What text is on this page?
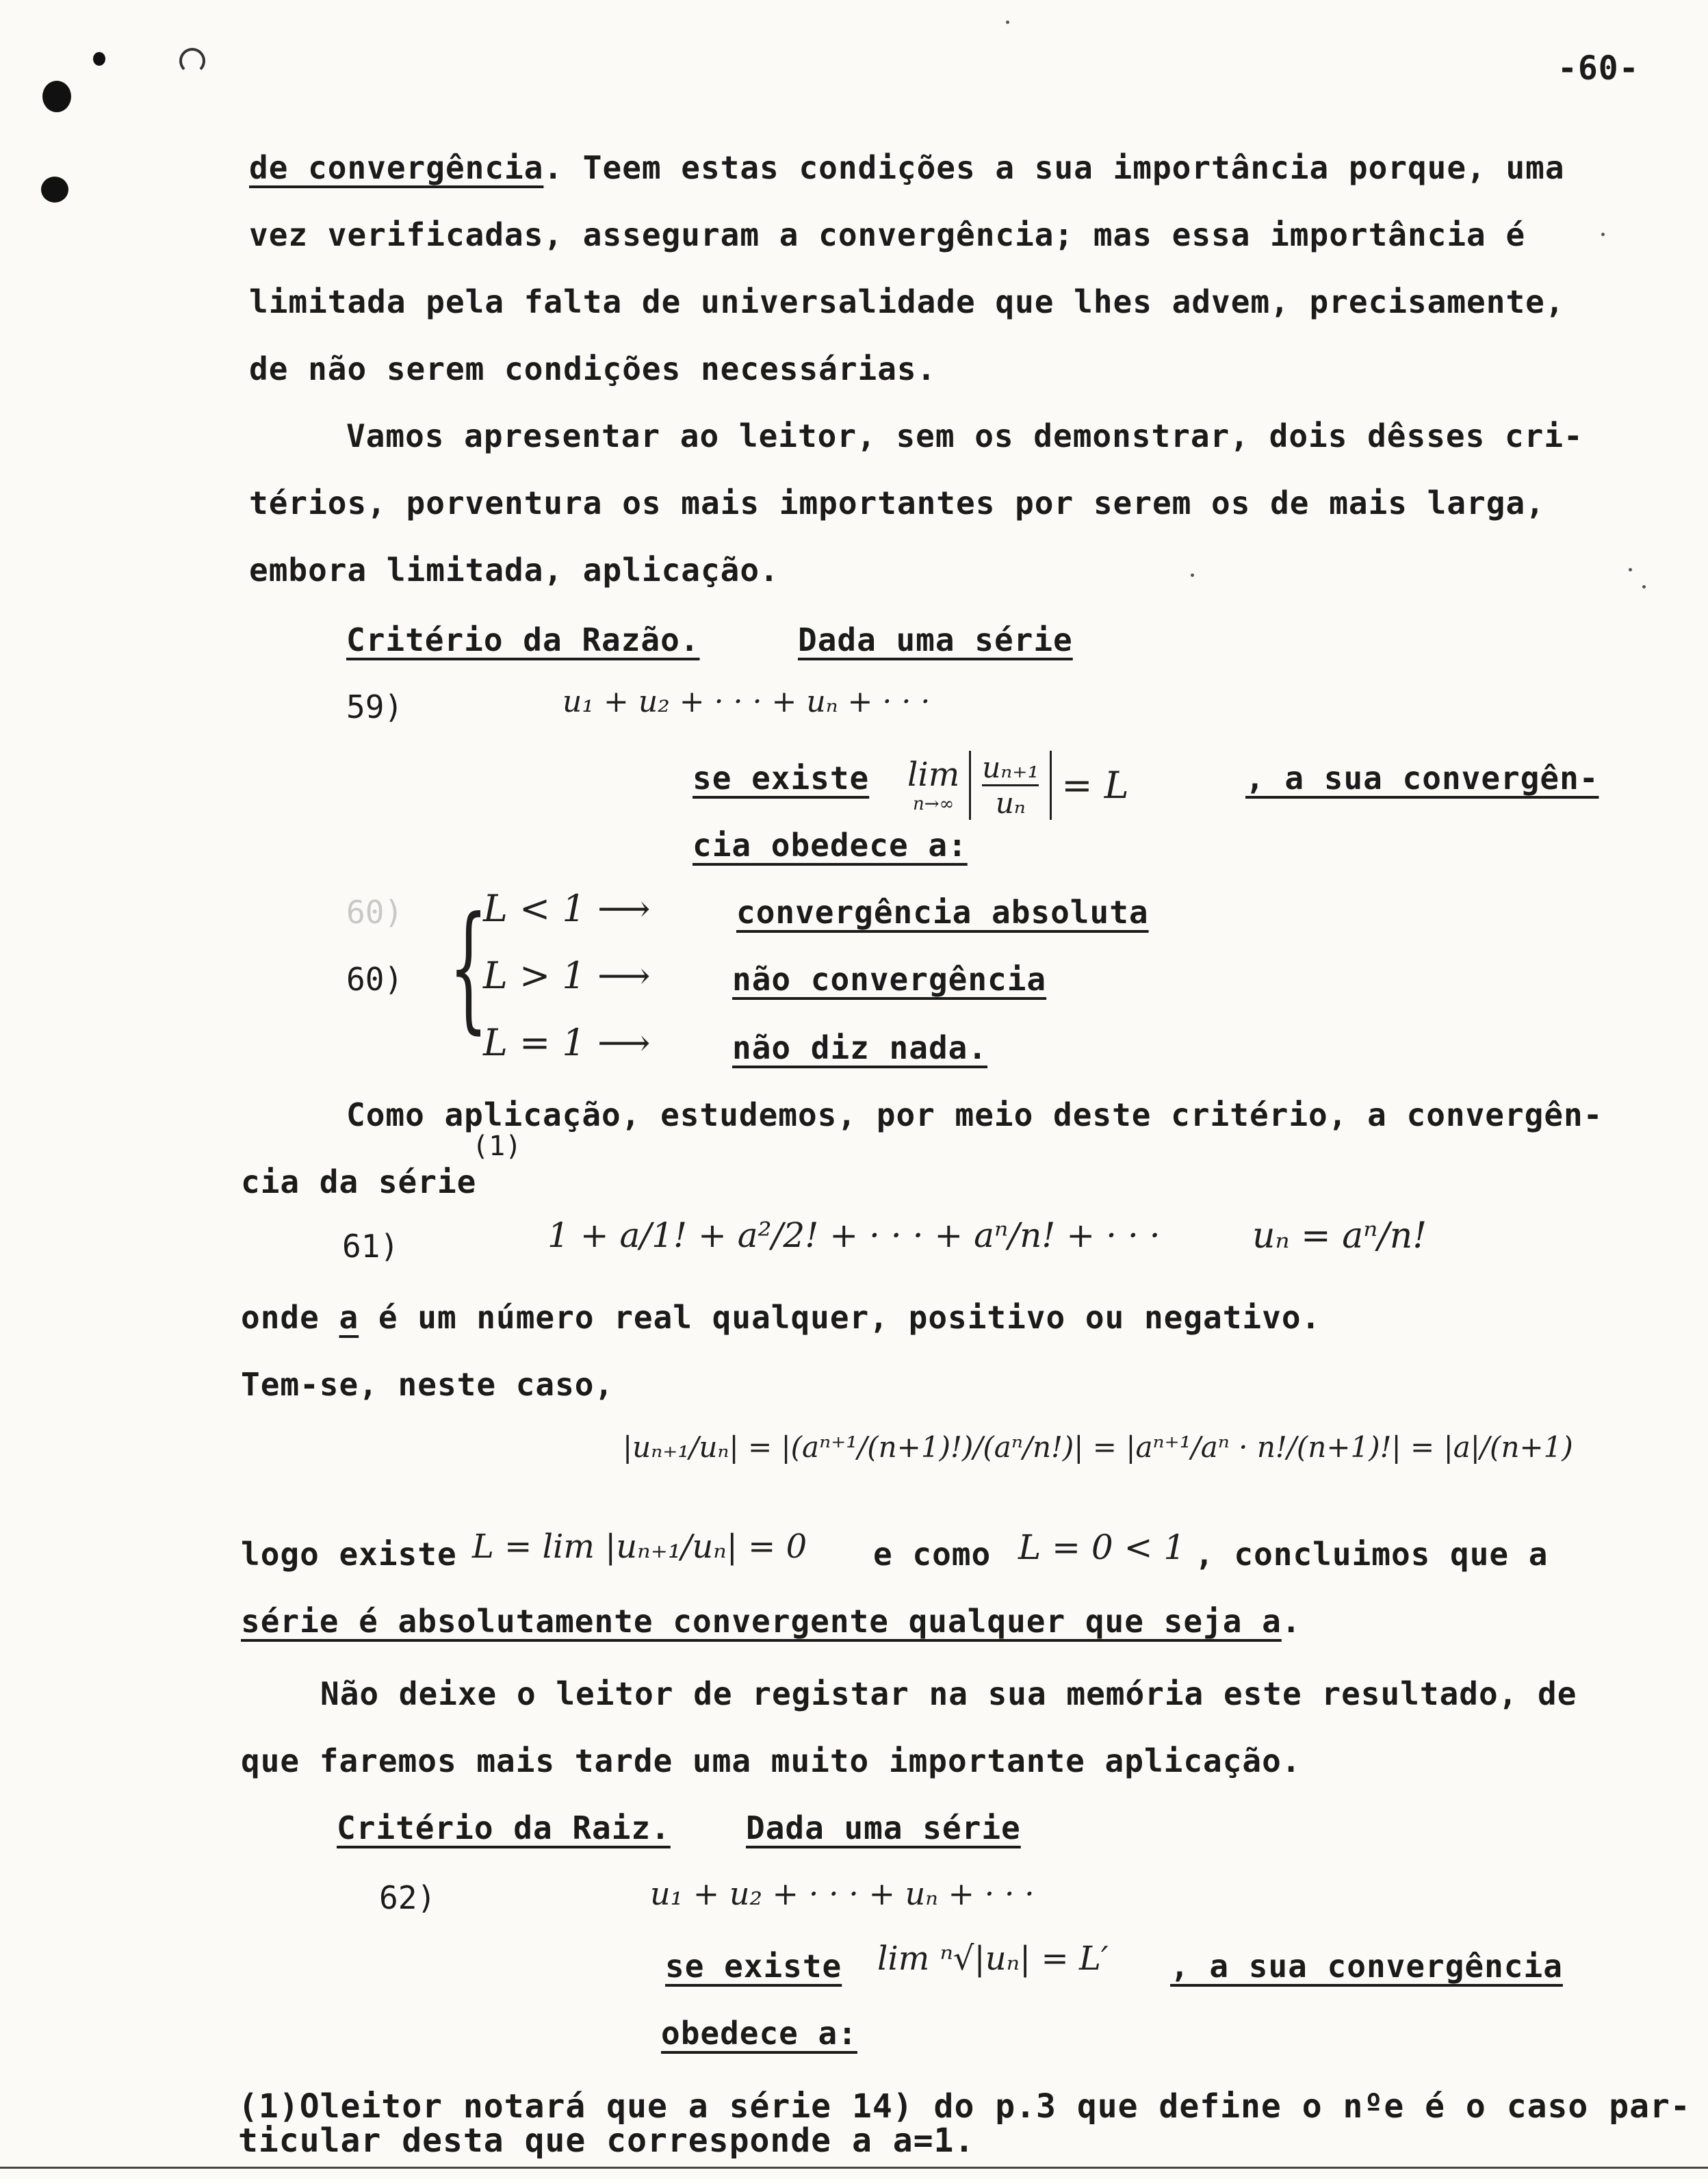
-60-
de convergência. Teem estas condições a sua importância porque, uma
vez verificadas, asseguram a convergência; mas essa importância é
limitada pela falta de universalidade que lhes advem, precisamente,
de não serem condições necessárias.
Vamos apresentar ao leitor, sem os demonstrar, dois dêsses cri-
térios, porventura os mais importantes por serem os de mais larga,
embora limitada, aplicação.
Critério da Razão.	Dada uma série
59)	u₁ + u₂ + · · · + uₙ + · · ·
se existe lim
$n\to\infty \frac{\text{uₙ₊₁}}{\text{uₙ}} = L$	, a sua convergên-
cia obedece a:
60)
60) {
L < 1 ⟶	convergência absoluta
L > 1 ⟶	não convergência
L = 1 ⟶	não diz nada.
Como aplicação, estudemos, por meio deste critério, a convergên-
(1)
cia da série
61)	1 + a/1! + a²/2! + · · · + aⁿ/n! + · · ·	uₙ = aⁿ/n!
onde a é um número real qualquer, positivo ou negativo.
Tem-se, neste caso,
|uₙ₊₁/uₙ| = |(aⁿ⁺¹/(n+1)!)/(aⁿ/n!)| = |aⁿ⁺¹/aⁿ · n!/(n+1)!| = |a|/(n+1)
logo existe L = lim |uₙ₊₁/uₙ| = 0 e como L = 0 < 1 , concluimos que a
série é absolutamente convergente qualquer que seja a.
Não deixe o leitor de registar na sua memória este resultado, de
que faremos mais tarde uma muito importante aplicação.
Critério da Raiz. Dada uma série
62)	u₁ + u₂ + · · · + uₙ + · · ·
se existe lim ⁿ√|uₙ| = L′ , a sua convergência
obedece a:
(1)Oleitor notará que a série 14) do p.3 que define o nºe é o caso par-
ticular desta que corresponde a a=1.
